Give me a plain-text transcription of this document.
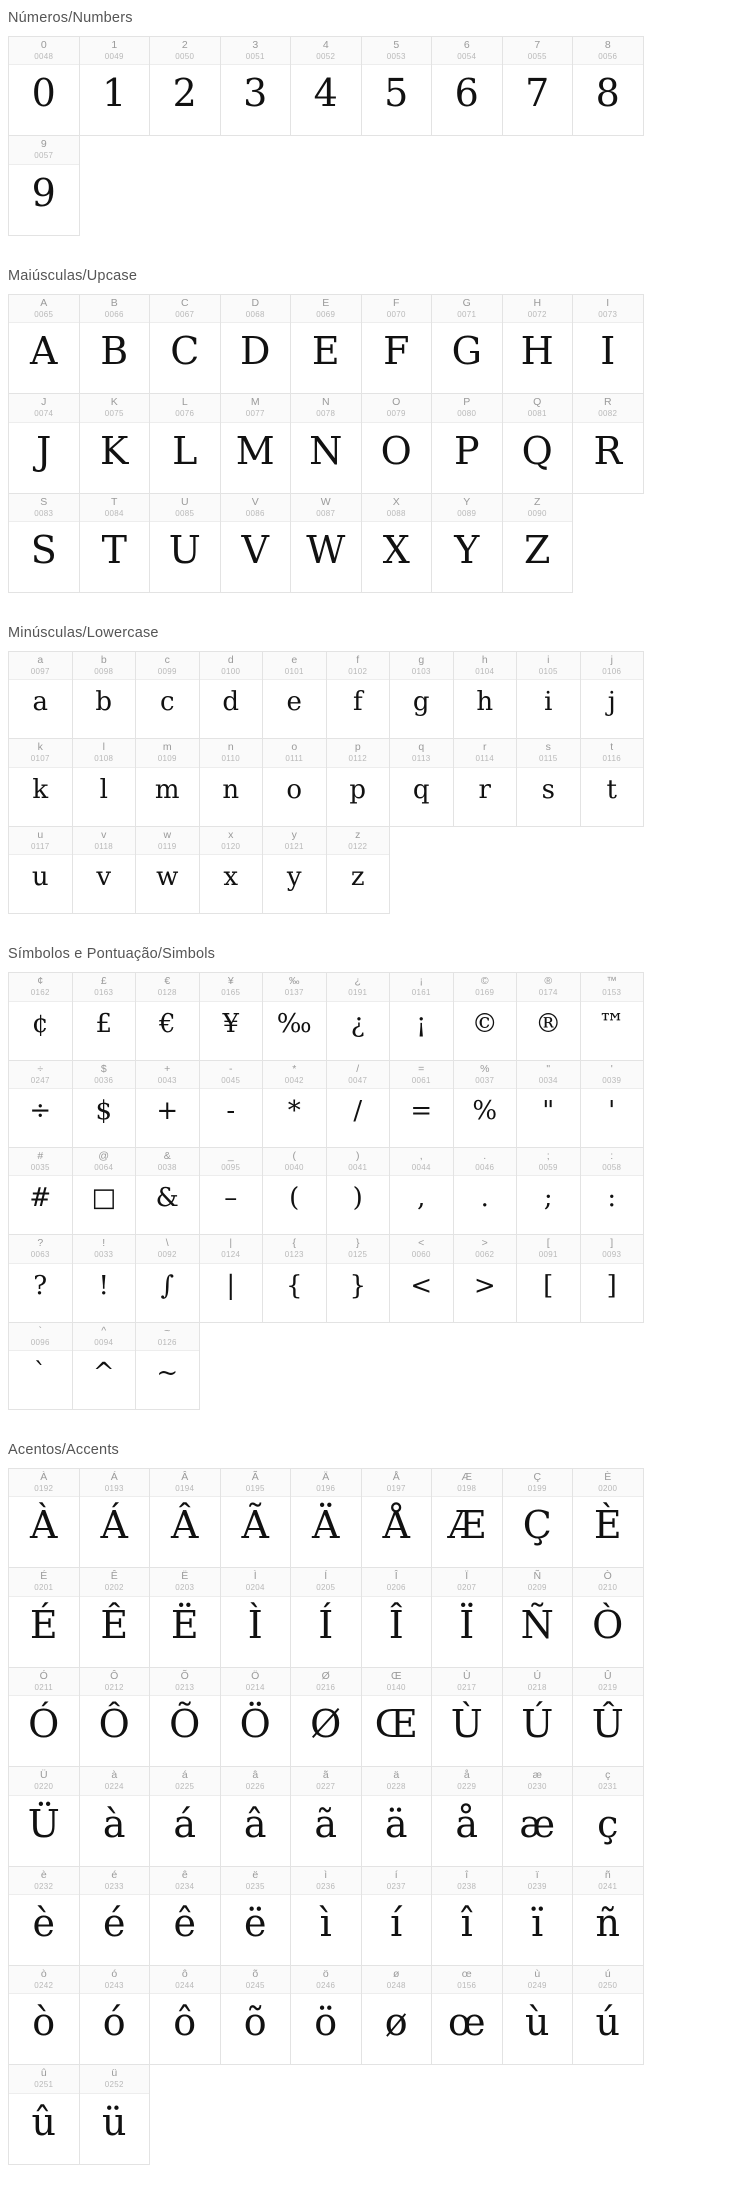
Números/Numbers
0
0048
0
1
0049
1
2
0050
2
3
0051
3
4
0052
4
5
0053
5
6
0054
6
7
0055
7
8
0056
8
9
0057
9
Maiúsculas/Upcase
A
0065
A
B
0066
B
C
0067
C
D
0068
D
E
0069
E
F
0070
F
G
0071
G
H
0072
H
I
0073
I
J
0074
J
K
0075
K
L
0076
L
M
0077
M
N
0078
N
O
0079
O
P
0080
P
Q
0081
Q
R
0082
R
S
0083
S
T
0084
T
U
0085
U
V
0086
V
W
0087
W
X
0088
X
Y
0089
Y
Z
0090
Z
Minúsculas/Lowercase
a
0097
a
b
0098
b
c
0099
c
d
0100
d
e
0101
e
f
0102
f
g
0103
g
h
0104
h
i
0105
i
j
0106
j
k
0107
k
l
0108
l
m
0109
m
n
0110
n
o
0111
o
p
0112
p
q
0113
q
r
0114
r
s
0115
s
t
0116
t
u
0117
u
v
0118
v
w
0119
w
x
0120
x
y
0121
y
z
0122
z
Símbolos e Pontuação/Simbols
¢
0162
¢
£
0163
£
€
0128
€
¥
0165
¥
‰
0137
‰
¿
0191
¿
¡
0161
¡
©
0169
©
®
0174
®
™
0153
™
÷
0247
÷
$
0036
$
+
0043
+
-
0045
-
*
0042
*
/
0047
/
=
0061
=
%
0037
%
"
0034
"
'
0039
'
#
0035
#
@
0064
□
&
0038
&
_
0095
–
(
0040
(
)
0041
)
,
0044
,
.
0046
.
;
0059
;
:
0058
:
?
0063
?
!
0033
!
\
0092
∫
|
0124
|
{
0123
{
}
0125
}
<
0060
<
>
0062
>
[
0091
[
]
0093
]
`
0096
`
^
0094
^
~
0126
~
Acentos/Accents
À
0192
À
Á
0193
Á
Â
0194
Â
Ã
0195
Ã
Ä
0196
Ä
Å
0197
Å
Æ
0198
Æ
Ç
0199
Ç
È
0200
È
É
0201
É
Ê
0202
Ê
Ë
0203
Ë
Ì
0204
Ì
Í
0205
Í
Î
0206
Î
Ï
0207
Ï
Ñ
0209
Ñ
Ò
0210
Ò
Ó
0211
Ó
Ô
0212
Ô
Õ
0213
Õ
Ö
0214
Ö
Ø
0216
Ø
Œ
0140
Œ
Ù
0217
Ù
Ú
0218
Ú
Û
0219
Û
Ü
0220
Ü
à
0224
à
á
0225
á
â
0226
â
ã
0227
ã
ä
0228
ä
å
0229
å
æ
0230
æ
ç
0231
ç
è
0232
è
é
0233
é
ê
0234
ê
ë
0235
ë
ì
0236
ì
í
0237
í
î
0238
î
ï
0239
ï
ñ
0241
ñ
ò
0242
ò
ó
0243
ó
ô
0244
ô
õ
0245
õ
ö
0246
ö
ø
0248
ø
œ
0156
œ
ù
0249
ù
ú
0250
ú
û
0251
û
ü
0252
ü
